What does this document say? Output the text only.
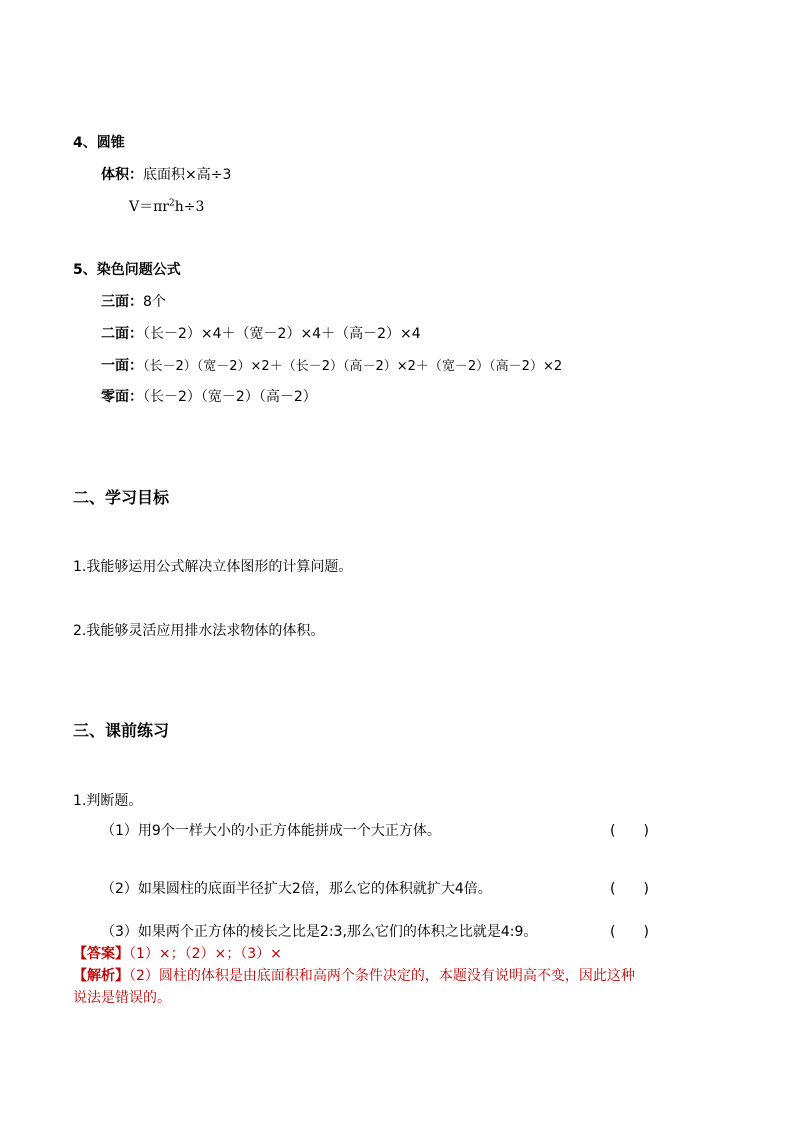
4、圆锥
体积：底面积×高÷3
$V=\pi r^2h\div 3$
5、染色问题公式
三面：8个
二面：（长－2）×4＋（宽－2）×4＋（高－2）×4
一面：（长－2）（宽－2）×2＋（长－2）（高－2）×2＋（宽－2）（高－2）×2
零面：（长－2）（宽－2）（高－2）
二、学习目标
1.我能够运用公式解决立体图形的计算问题。
2.我能够灵活应用排水法求物体的体积。
三、课前练习
1.判断题。
（1）用9个一样大小的小正方体能拼成一个大正方体。	(　　)
（2）如果圆柱的底面半径扩大2倍，那么它的体积就扩大4倍。	(　　)
（3）如果两个正方体的棱长之比是2:3,那么它们的体积之比就是4:9。	(　　)
【答案】（1）×；（2）×；（3）×
【解析】（2）圆柱的体积是由底面积和高两个条件决定的，本题没有说明高不变，因此这种
说法是错误的。
